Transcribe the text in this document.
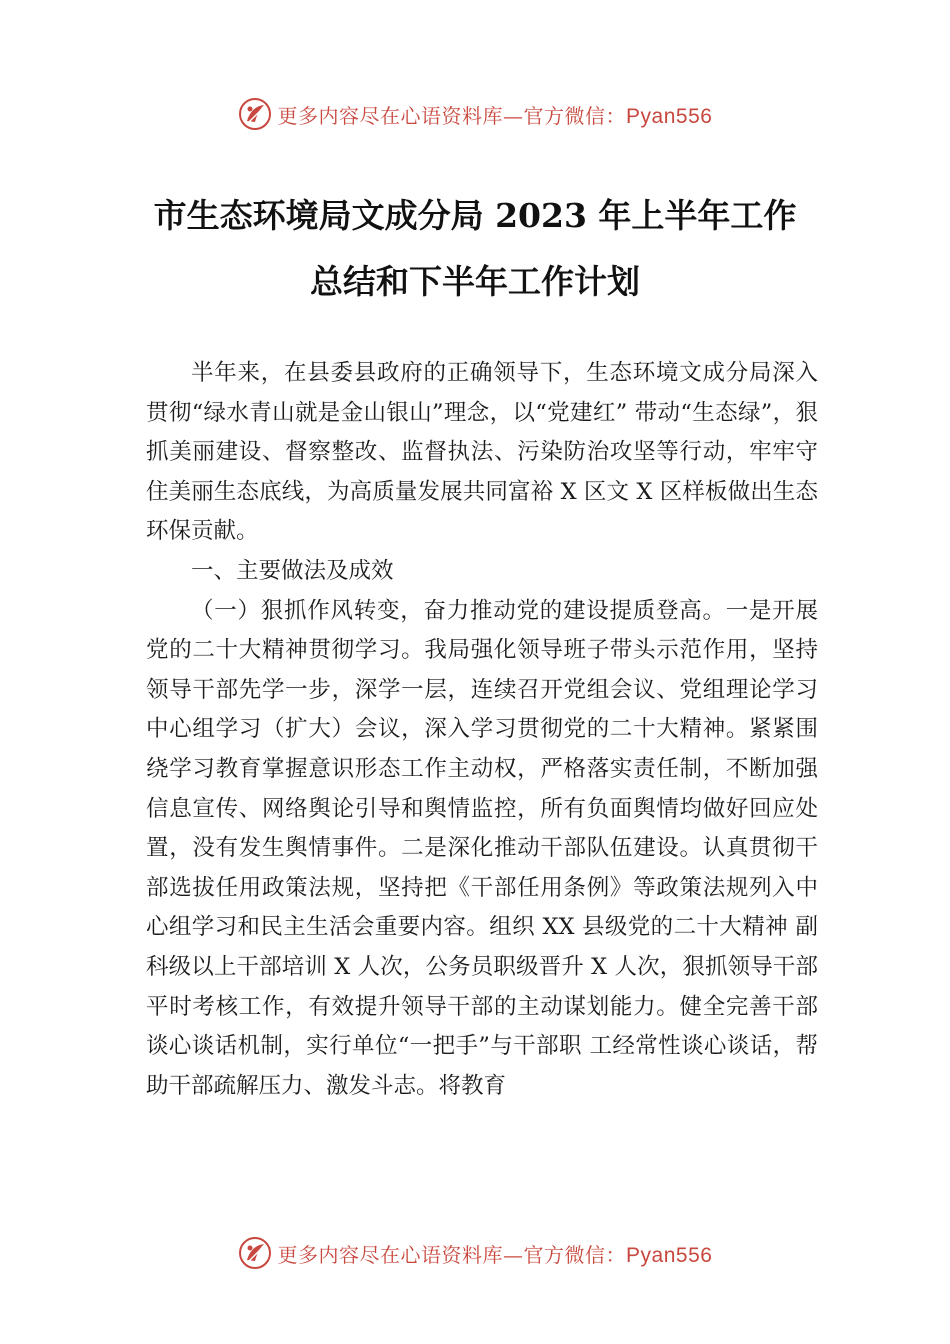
更多内容尽在心语资料库—官方微信：Pyan556
市生态环境局文成分局 2023 年上半年工作
总结和下半年工作计划

半年来，在县委县政府的正确领导下，生态环境文成分局深入贯彻“绿水青山就是金山银山”理念，以“党建红” 带动“生态绿”，狠抓美丽建设、督察整改、监督执法、污染防治攻坚等行动，牢牢守住美丽生态底线，为高质量发展共同富裕 X 区文 X 区样板做出生态环保贡献。

一、主要做法及成效

（一）狠抓作风转变，奋力推动党的建设提质登高。一是开展党的二十大精神贯彻学习。我局强化领导班子带头示范作用，坚持领导干部先学一步，深学一层，连续召开党组会议、党组理论学习中心组学习（扩大）会议，深入学习贯彻党的二十大精神。紧紧围绕学习教育掌握意识形态工作主动权，严格落实责任制，不断加强信息宣传、网络舆论引导和舆情监控，所有负面舆情均做好回应处置，没有发生舆情事件。二是深化推动干部队伍建设。认真贯彻干部选拔任用政策法规，坚持把《干部任用条例》等政策法规列入中心组学习和民主生活会重要内容。组织 XX 县级党的二十大精神 副科级以上干部培训 X 人次，公务员职级晋升 X 人次，狠抓领导干部平时考核工作，有效提升领导干部的主动谋划能力。健全完善干部谈心谈话机制，实行单位“一把手”与干部职 工经常性谈心谈话，帮助干部疏解压力、激发斗志。将教育

更多内容尽在心语资料库—官方微信：Pyan556
